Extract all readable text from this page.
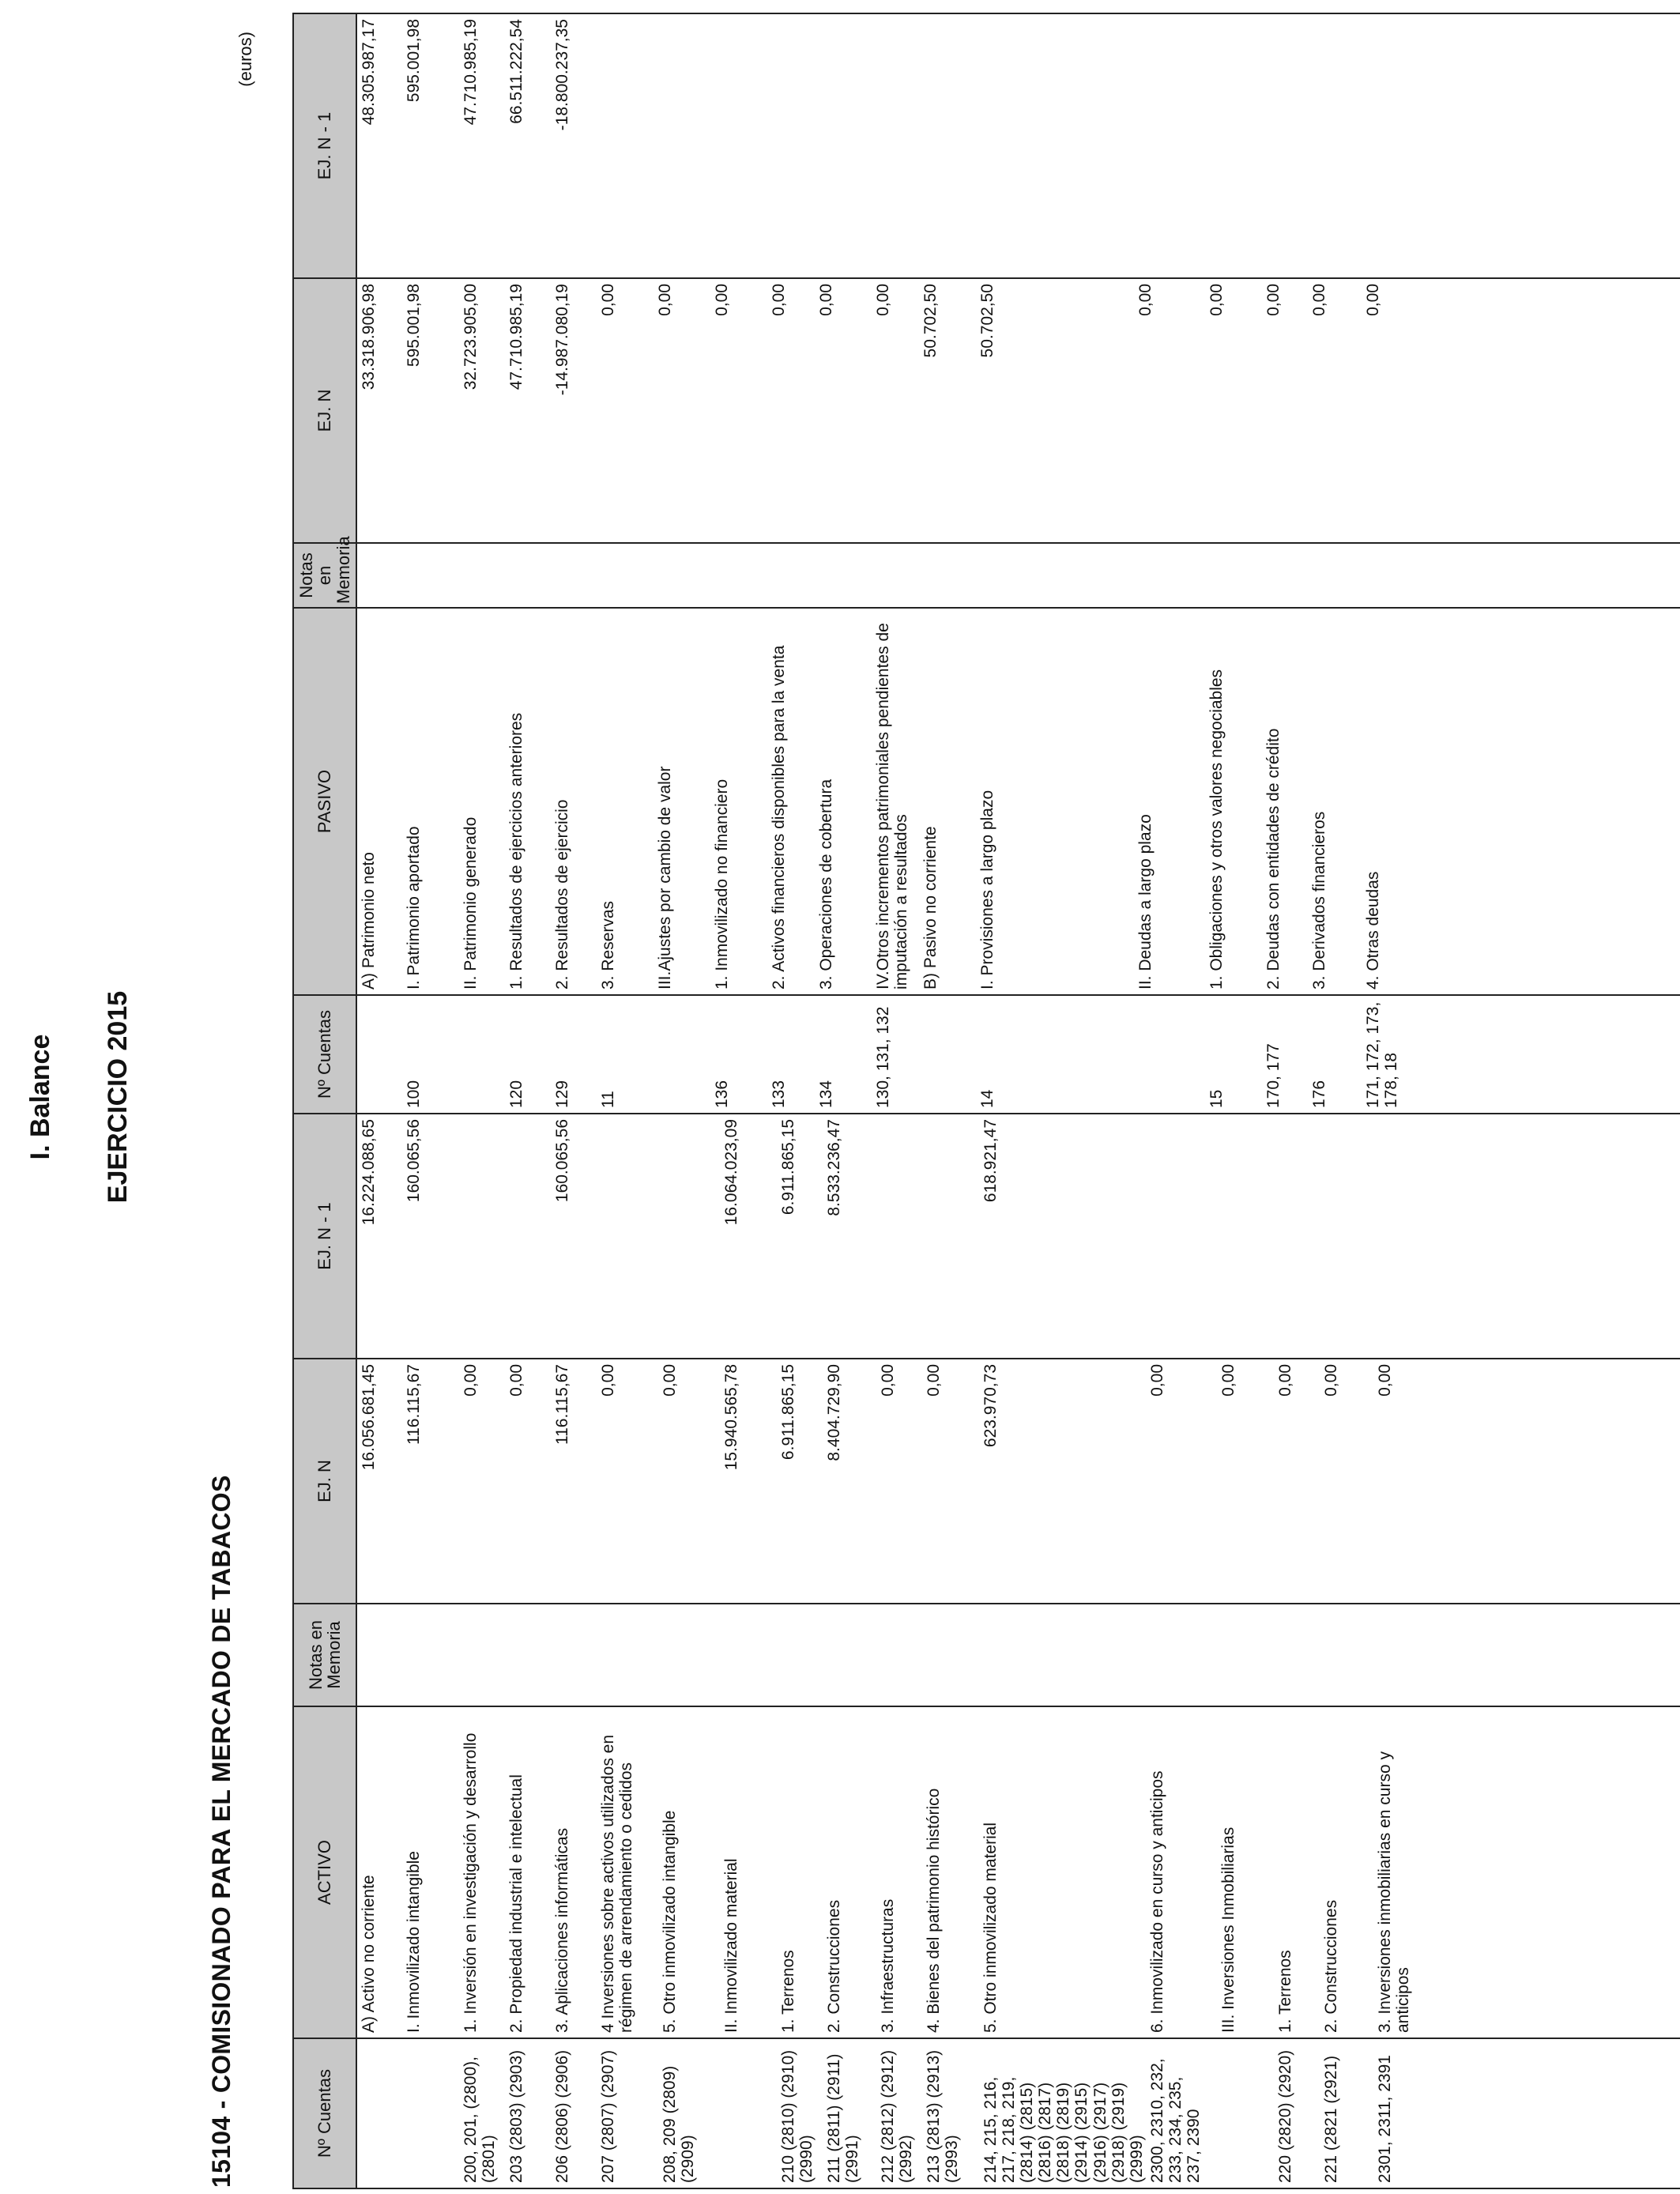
I. Balance EJERCICIO 2015
15104 - COMISIONADO PARA EL MERCADO DE TABACOS
(euros)
Nº Cuentas	ACTIVO	Notas en Memoria	EJ. N	EJ. N - 1
	A) Activo no corriente		16.056.681,45	16.224.088,65
	I. Inmovilizado intangible		116.115,67	160.065,56
200, 201, (2800), (2801)	1. Inversión en investigación y desarrollo		0,00	
203 (2803) (2903)	2. Propiedad industrial e intelectual		0,00	
206 (2806) (2906)	3. Aplicaciones informáticas		116.115,67	160.065,56
207 (2807) (2907)	4 Inversiones sobre activos utilizados en régimen de arrendamiento o cedidos		0,00	
208, 209 (2809) (2909)	5. Otro inmovilizado intangible		0,00	
	II. Inmovilizado material		15.940.565,78	16.064.023,09
210 (2810) (2910) (2990)	1. Terrenos		6.911.865,15	6.911.865,15
211 (2811) (2911) (2991)	2. Construcciones		8.404.729,90	8.533.236,47
212 (2812) (2912) (2992)	3. Infraestructuras		0,00	
213 (2813) (2913) (2993)	4. Bienes del patrimonio histórico		0,00	
214, 215, 216, 217, 218, 219, (2814) (2815) (2816) (2817) (2818) (2819) (2914) (2915) (2916) (2917) (2918) (2919) (2999)	5. Otro inmovilizado material		623.970,73	618.921,47
2300, 2310, 232, 233, 234, 235, 237, 2390	6. Inmovilizado en curso y anticipos		0,00	
	III. Inversiones Inmobiliarias		0,00	
220 (2820) (2920)	1. Terrenos		0,00	
221 (2821 (2921)	2. Construcciones		0,00	
2301, 2311, 2391	3. Inversiones inmobiliarias en curso y anticipos		0,00	

Nº Cuentas	PASIVO	Notas en Memoria	EJ. N	EJ. N - 1
	A) Patrimonio neto		33.318.906,98	48.305.987,17
100	I. Patrimonio aportado		595.001,98	595.001,98
	II. Patrimonio generado		32.723.905,00	47.710.985,19
120	1. Resultados de ejercicios anteriores		47.710.985,19	66.511.222,54
129	2. Resultados de ejercicio		-14.987.080,19	-18.800.237,35
11	3. Reservas		0,00	
	III.Ajustes por cambio de valor		0,00	
136	1. Inmovilizado no financiero		0,00	
133	2. Activos financieros disponibles para la venta		0,00	
134	3. Operaciones de cobertura		0,00	
130, 131, 132	IV.Otros incrementos patrimoniales pendientes de imputación a resultados		0,00	
	B) Pasivo no corriente		50.702,50	
14	I. Provisiones a largo plazo		50.702,50	
	II. Deudas a largo plazo		0,00	
15	1. Obligaciones y otros valores negociables		0,00	
170, 177	2. Deudas con entidades de crédito		0,00	
176	3. Derivados financieros		0,00	
171, 172, 173, 178, 18	4. Otras deudas		0,00	
